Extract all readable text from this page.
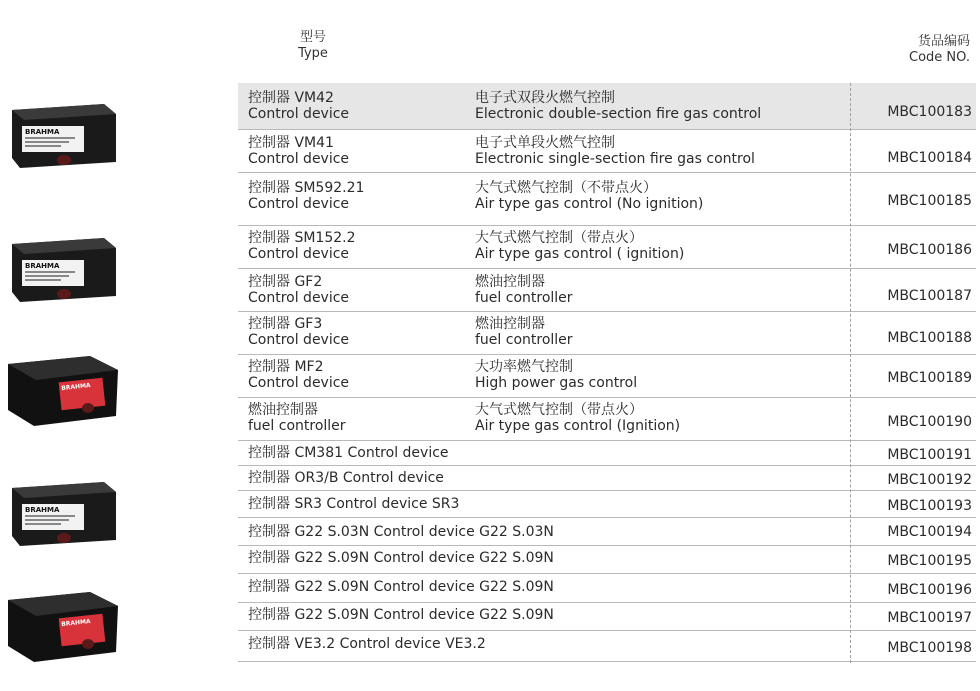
型号
Type
货品编码
Code NO.
BRAHMA
BRAHMA
BRAHMA
BRAHMA
BRAHMA
控制器 VM42
Control device
电子式双段火燃气控制
Electronic double-section fire gas control	MBC100183
控制器 VM41
Control device
电子式单段火燃气控制
Electronic single-section fire gas control	MBC100184
控制器 SM592.21
Control device
大气式燃气控制（不带点火）
Air type gas control (No ignition)	MBC100185
控制器 SM152.2
Control device
大气式燃气控制（带点火）
Air type gas control ( ignition)	MBC100186
控制器 GF2
Control device
燃油控制器
fuel controller	MBC100187
控制器 GF3
Control device
燃油控制器
fuel controller	MBC100188
控制器 MF2
Control device
大功率燃气控制
High power gas control	MBC100189
燃油控制器
fuel controller
大气式燃气控制（带点火）
Air type gas control (Ignition)	MBC100190
控制器 CM381 Control device	MBC100191
控制器 OR3/B Control device	MBC100192
控制器 SR3 Control device SR3	MBC100193
控制器 G22 S.03N Control device G22 S.03N	MBC100194
控制器 G22 S.09N Control device G22 S.09N	MBC100195
控制器 G22 S.09N Control device G22 S.09N	MBC100196
控制器 G22 S.09N Control device G22 S.09N	MBC100197
控制器 VE3.2 Control device VE3.2	MBC100198
